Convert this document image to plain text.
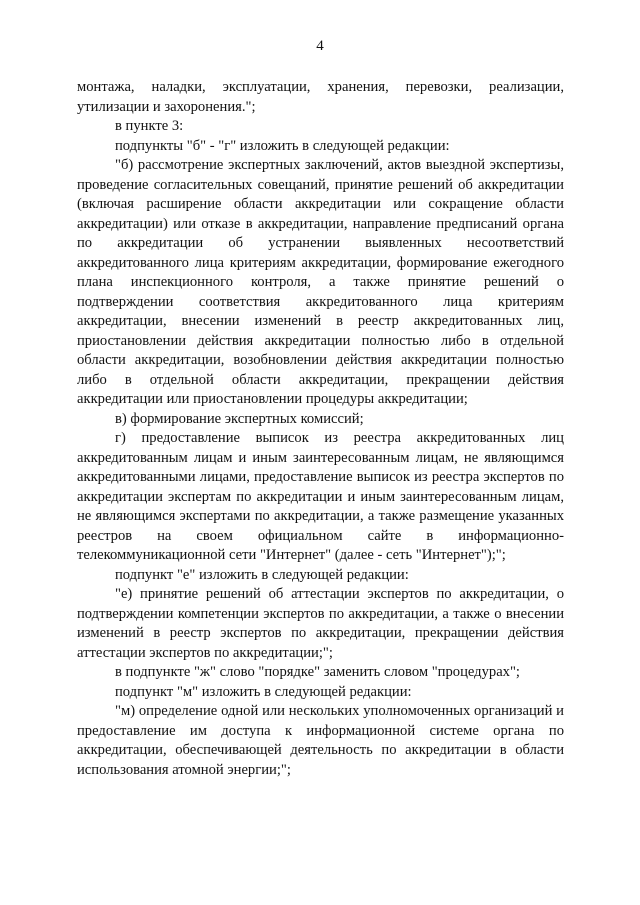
4

монтажа, наладки, эксплуатации, хранения, перевозки, реализации, утилизации и захоронения.";

в пункте 3:

подпункты "б" - "г" изложить в следующей редакции:

"б) рассмотрение экспертных заключений, актов выездной экспертизы, проведение согласительных совещаний, принятие решений об аккредитации (включая расширение области аккредитации или сокращение области аккредитации) или отказе в аккредитации, направление предписаний органа по аккредитации об устранении выявленных несоответствий аккредитованного лица критериям аккредитации, формирование ежегодного плана инспекционного контроля, а также принятие решений о подтверждении соответствия аккредитованного лица критериям аккредитации, внесении изменений в реестр аккредитованных лиц, приостановлении действия аккредитации полностью либо в отдельной области аккредитации, возобновлении действия аккредитации полностью либо в отдельной области аккредитации, прекращении действия аккредитации или приостановлении процедуры аккредитации;

в) формирование экспертных комиссий;

г) предоставление выписок из реестра аккредитованных лиц аккредитованным лицам и иным заинтересованным лицам, не являющимся аккредитованными лицами, предоставление выписок из реестра экспертов по аккредитации экспертам по аккредитации и иным заинтересованным лицам, не являющимся экспертами по аккредитации, а также размещение указанных реестров на своем официальном сайте в информационно-телекоммуникационной сети "Интернет" (далее - сеть "Интернет");";

подпункт "е" изложить в следующей редакции:

"е) принятие решений об аттестации экспертов по аккредитации, о подтверждении компетенции экспертов по аккредитации, а также о внесении изменений в реестр экспертов по аккредитации, прекращении действия аттестации экспертов по аккредитации;";

в подпункте "ж" слово "порядке" заменить словом "процедурах";

подпункт "м" изложить в следующей редакции:

"м) определение одной или нескольких уполномоченных организаций и предоставление им доступа к информационной системе органа по аккредитации, обеспечивающей деятельность по аккредитации в области использования атомной энергии;";
